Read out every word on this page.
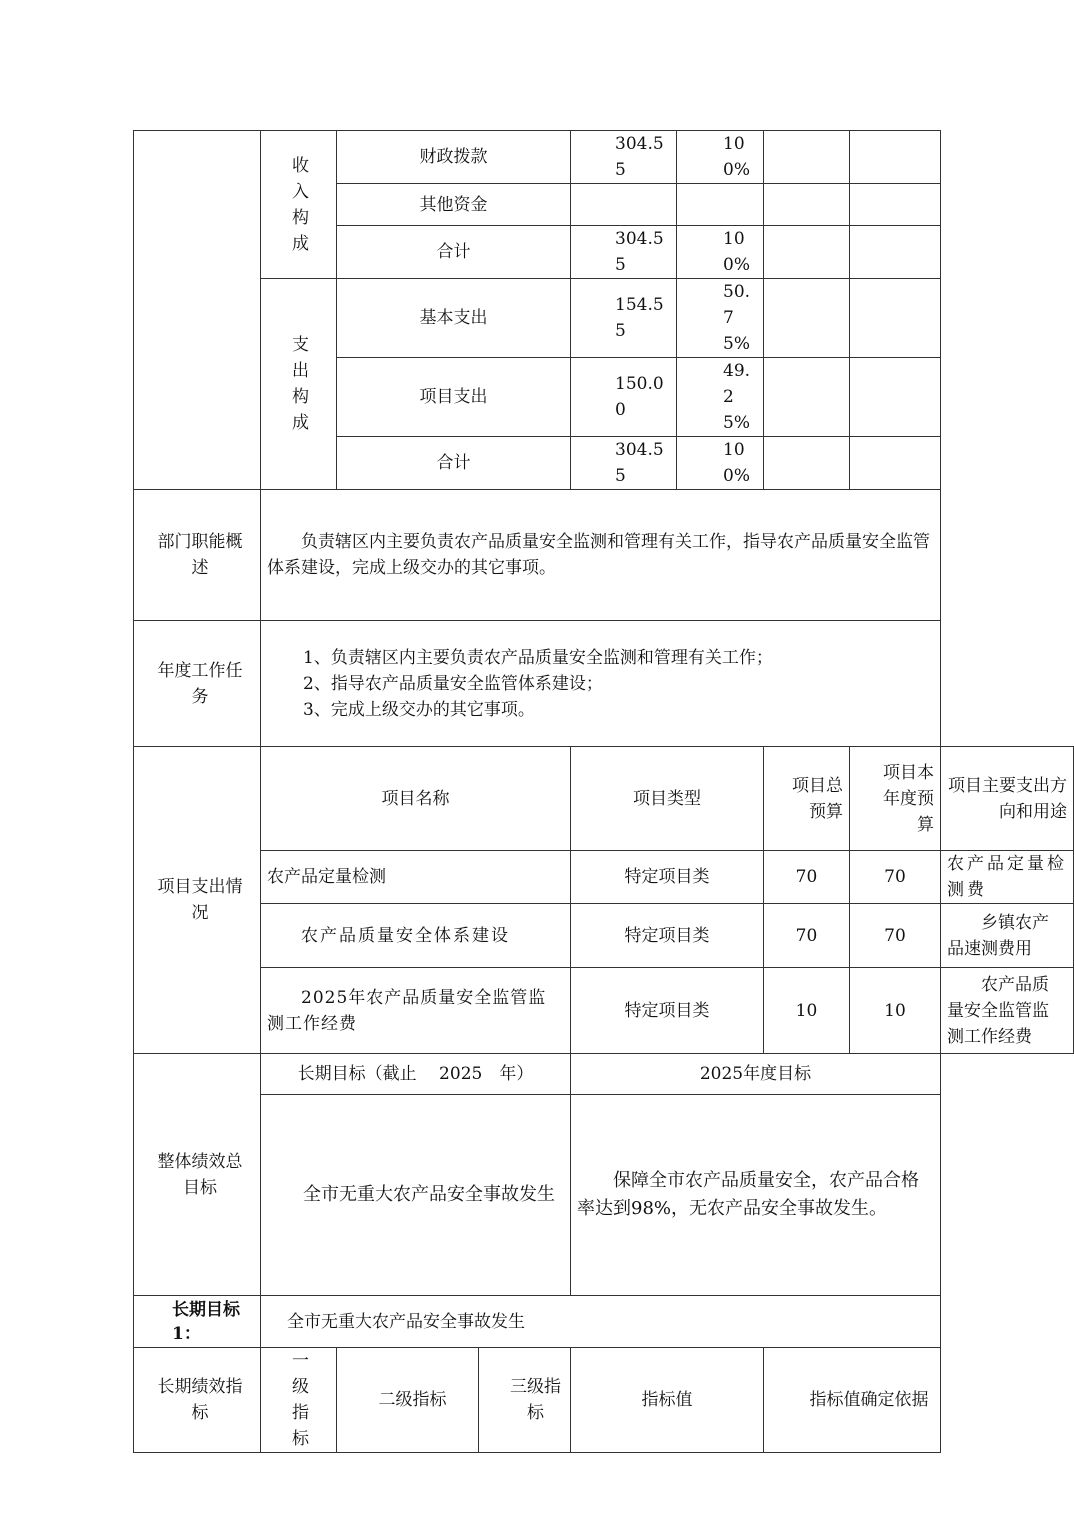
	收入构成	财政拨款		304.55	100%			
		其他资金						
		合计		304.55	100%			
	支出构成	基本支出		154.55	50.75%			
		项目支出		150.00	49.25%			
		合计		304.55	100%			
部门职能概述	负责辖区内主要负责农产品质量安全监测和管理有关工作，指导农产品质量安全监管体系建设，完成上级交办的其它事项。							
年度工作任务	1、负责辖区内主要负责农产品质量安全监测和管理有关工作；
2、指导农产品质量安全监管体系建设；
3、完成上级交办的其它事项。							

项目支出情况	项目名称			项目类型		项目总预算	项目本年度预算	项目主要支出方向和用途
	农产品定量检测			特定项目类		70	70	农产品定量检测费
	农产品质量安全体系建设			特定项目类		70	70	乡镇农产品速测费用
	2025年农产品质量安全监管监测工作经费			特定项目类		10	10	农产品质量安全监管监测工作经费
整体绩效总目标	长期目标（截止　 2025　年）			2025年度目标				
	全市无重大农产品安全事故发生			保障全市农产品质量安全，农产品合格率达到98%，无农产品安全事故发生。				
长期目标1：	全市无重大农产品安全事故发生							
长期绩效指标	一级指标	二级指标	三级指标	指标值		指标值确定依据		
